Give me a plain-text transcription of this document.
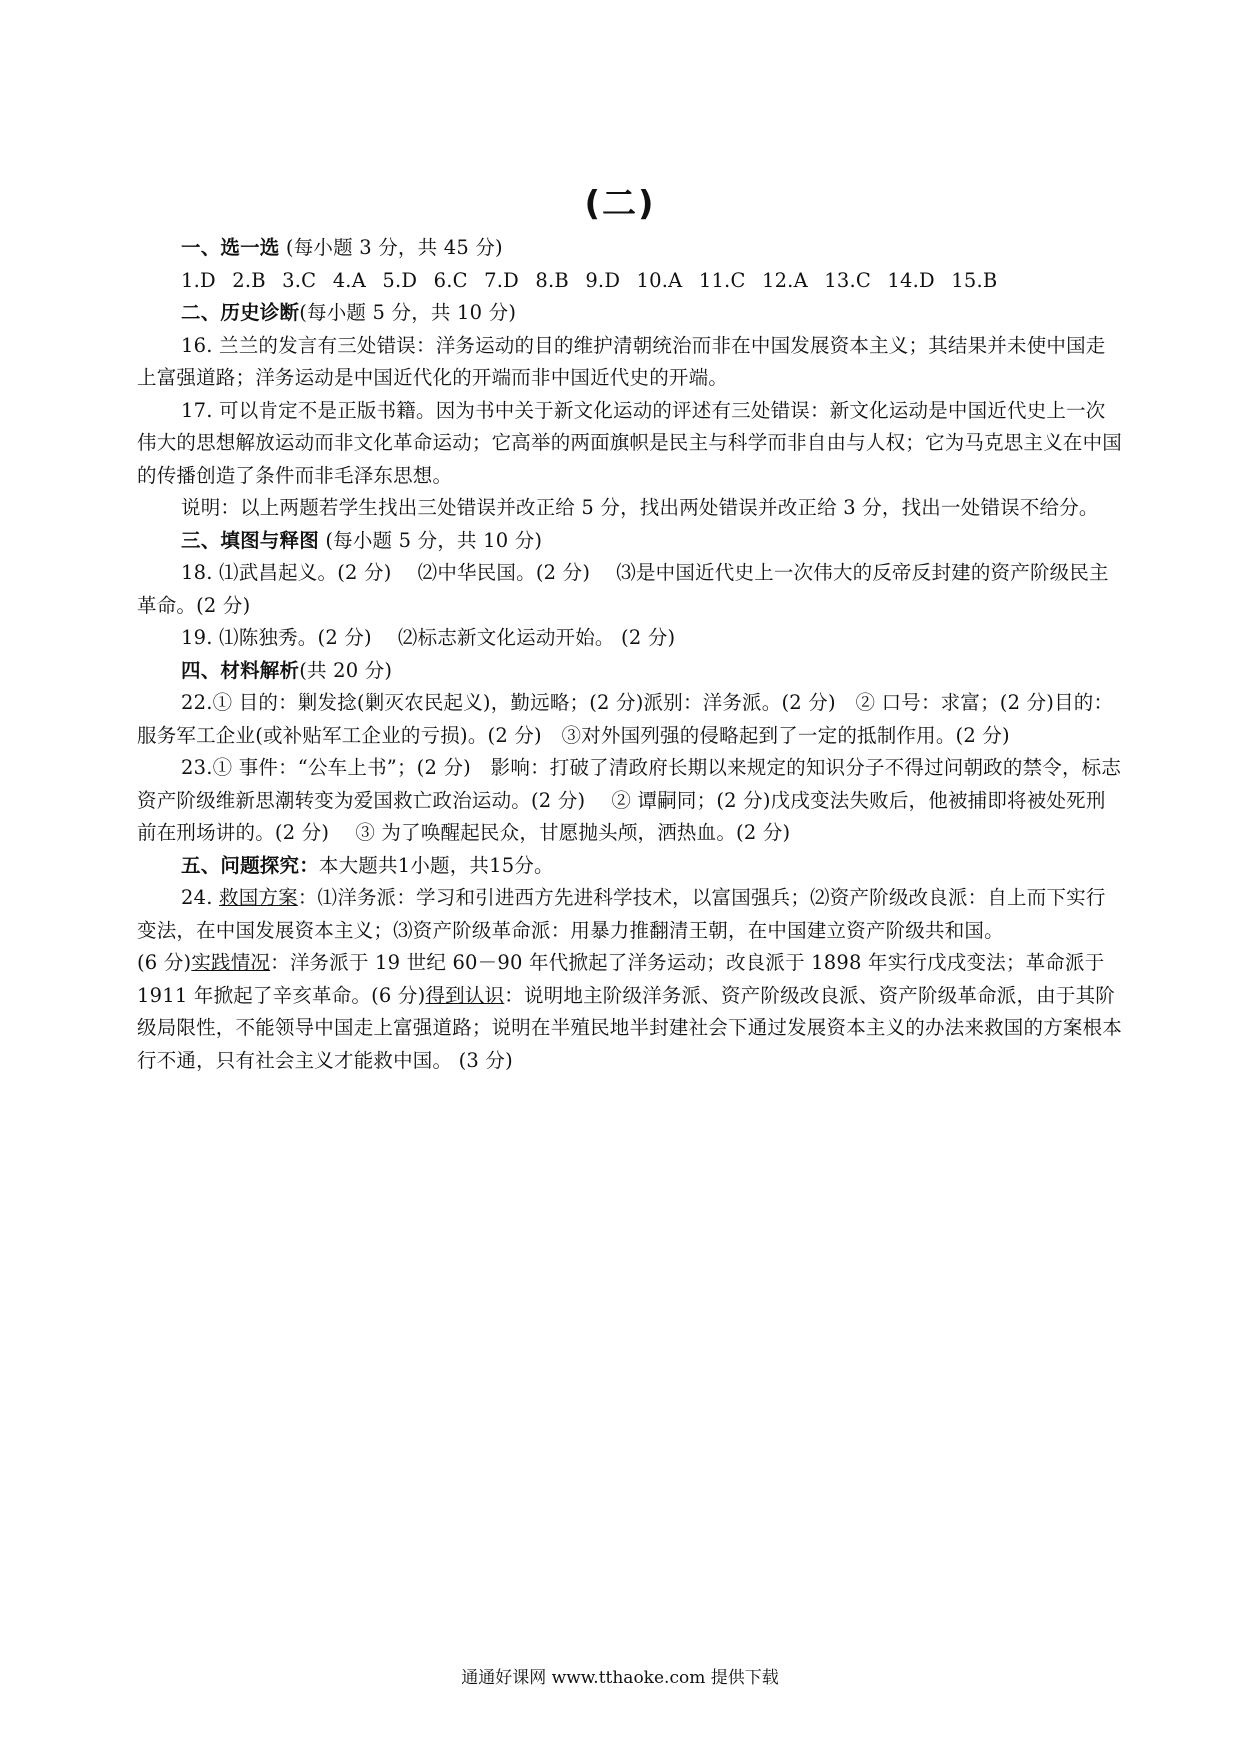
(二)

一、选一选 (每小题 3 分，共 45 分)

1.D 2.B 3.C 4.A 5.D 6.C 7.D 8.B 9.D 10.A 11.C 12.A 13.C 14.D 15.B

二、历史诊断(每小题 5 分，共 10 分)

16. 兰兰的发言有三处错误：洋务运动的目的维护清朝统治而非在中国发展资本主义；其结果并未使中国走上富强道路；洋务运动是中国近代化的开端而非中国近代史的开端。

17. 可以肯定不是正版书籍。因为书中关于新文化运动的评述有三处错误：新文化运动是中国近代史上一次伟大的思想解放运动而非文化革命运动；它高举的两面旗帜是民主与科学而非自由与人权；它为马克思主义在中国的传播创造了条件而非毛泽东思想。

说明：以上两题若学生找出三处错误并改正给 5 分，找出两处错误并改正给 3 分，找出一处错误不给分。

三、填图与释图 (每小题 5 分，共 10 分)

18. ⑴武昌起义。(2 分)　 ⑵中华民国。(2 分)　 ⑶是中国近代史上一次伟大的反帝反封建的资产阶级民主革命。(2 分)

19. ⑴陈独秀。(2 分)　 ⑵标志新文化运动开始。 (2 分)

四、材料解析(共 20 分)

22.① 目的：剿发捻(剿灭农民起义)，勤远略；(2 分)派别：洋务派。(2 分)　② 口号：求富；(2 分)目的：服务军工企业(或补贴军工企业的亏损)。(2 分)　③对外国列强的侵略起到了一定的抵制作用。(2 分)

23.① 事件：“公车上书”；(2 分)　影响：打破了清政府长期以来规定的知识分子不得过问朝政的禁令，标志资产阶级维新思潮转变为爱国救亡政治运动。(2 分)　 ② 谭嗣同；(2 分)戊戌变法失败后，他被捕即将被处死刑前在刑场讲的。(2 分)　 ③ 为了唤醒起民众，甘愿抛头颅，洒热血。(2 分)

五、问题探究：本大题共1小题，共15分。

24. 救国方案：⑴洋务派：学习和引进西方先进科学技术，以富国强兵；⑵资产阶级改良派：自上而下实行变法，在中国发展资本主义；⑶资产阶级革命派：用暴力推翻清王朝，在中国建立资产阶级共和国。

(6 分)实践情况：洋务派于 19 世纪 60－90 年代掀起了洋务运动；改良派于 1898 年实行戊戌变法；革命派于 1911 年掀起了辛亥革命。(6 分)得到认识：说明地主阶级洋务派、资产阶级改良派、资产阶级革命派，由于其阶级局限性，不能领导中国走上富强道路；说明在半殖民地半封建社会下通过发展资本主义的办法来救国的方案根本行不通，只有社会主义才能救中国。 (3 分)

通通好课网 www.tthaoke.com 提供下载
